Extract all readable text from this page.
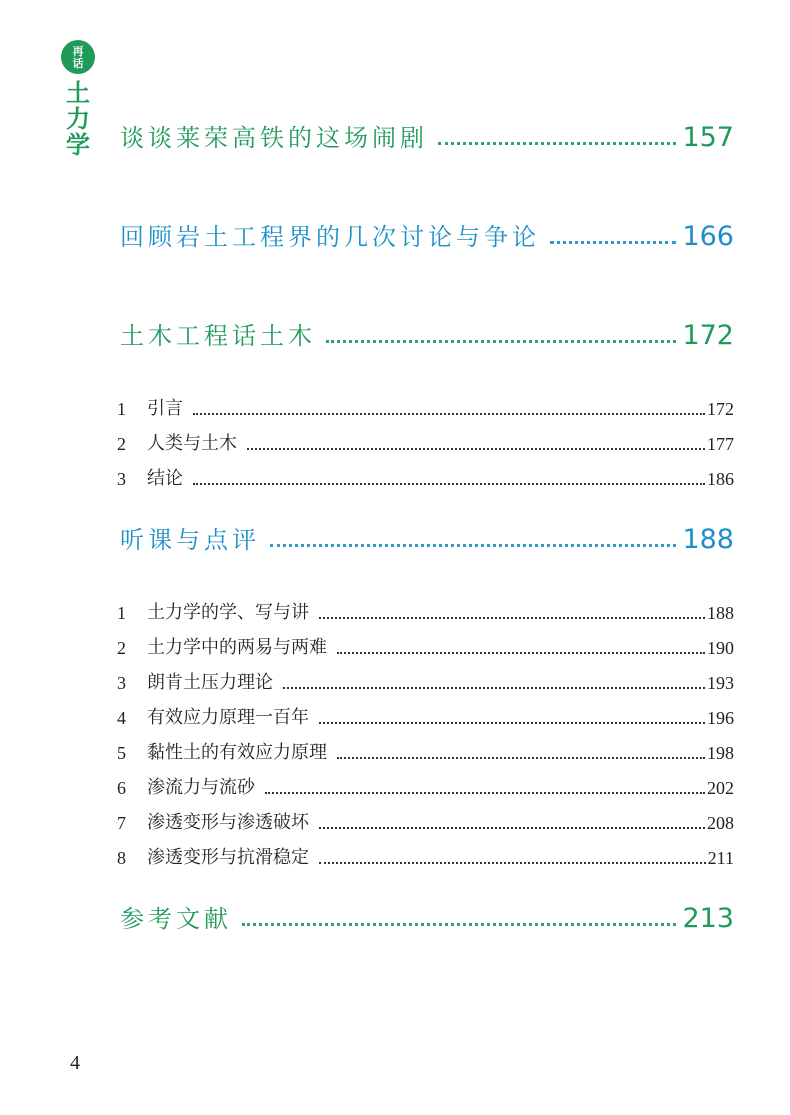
再
话
土
力
学 谈谈莱荣高铁的这场闹剧	157
回顾岩土工程界的几次讨论与争论	166
土木工程话土木	172
1	引言	172
2	人类与土木	177
3	结论	186
听课与点评	188
1	土力学的学、写与讲	188
2	土力学中的两易与两难	190
3	朗肯土压力理论	193
4	有效应力原理一百年	196
5	黏性土的有效应力原理	198
6	渗流力与流砂	202
7	渗透变形与渗透破坏	208
8	渗透变形与抗滑稳定	211
参考文献	213
4
